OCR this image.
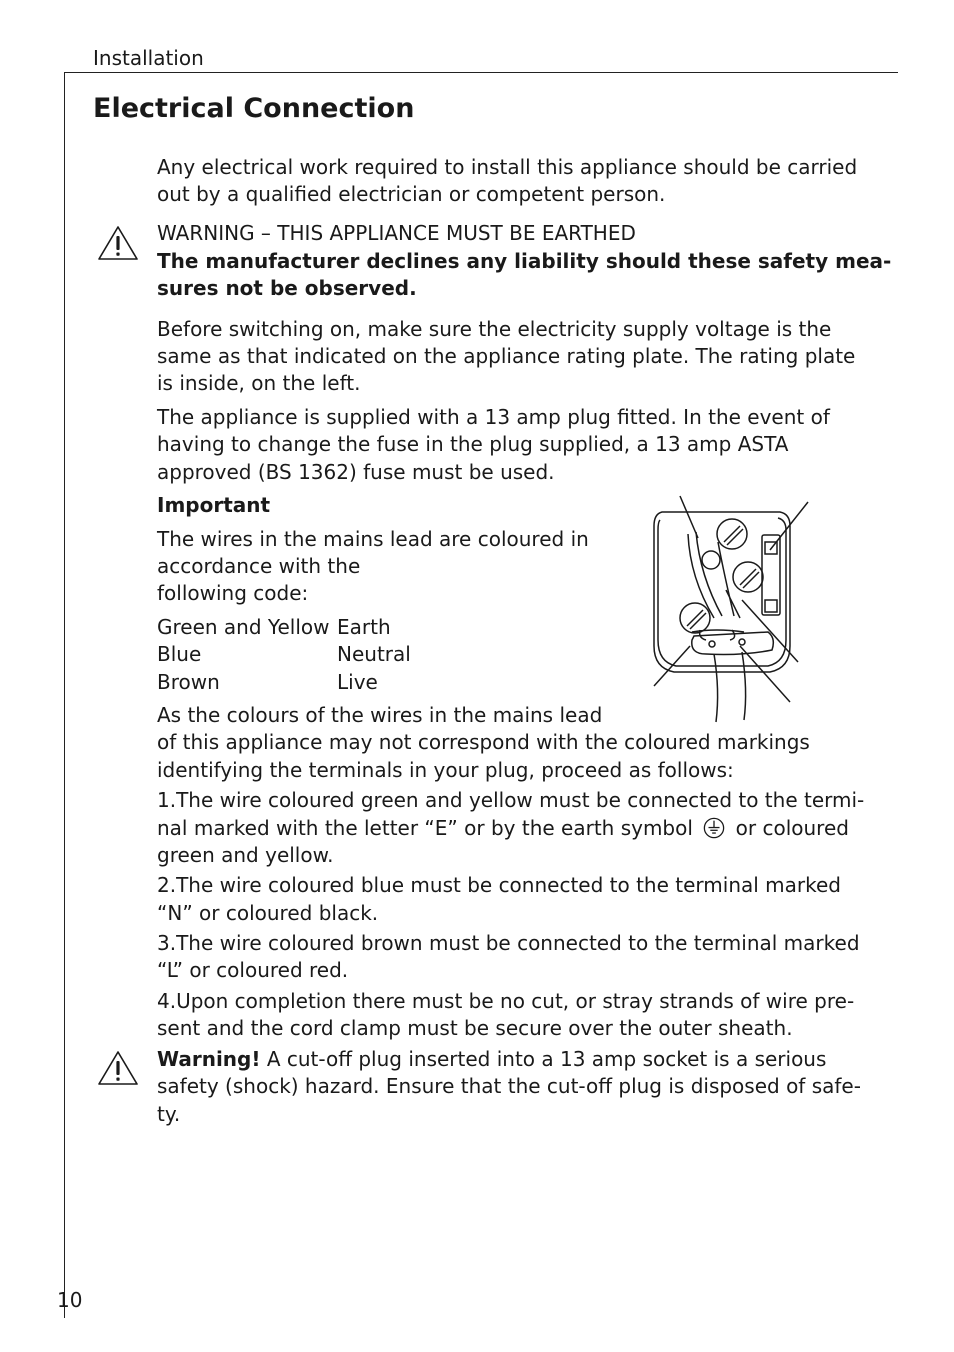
Installation
Electrical Connection
Any electrical work required to install this appliance should be carried
out by a qualified electrician or competent person.
WARNING – THIS APPLIANCE MUST BE EARTHED
The manufacturer declines any liability should these safety mea-
sures not be observed.
Before switching on, make sure the electricity supply voltage is the
same as that indicated on the appliance rating plate. The rating plate
is inside, on the left.
The appliance is supplied with a 13 amp plug fitted. In the event of
having to change the fuse in the plug supplied, a 13 amp ASTA
approved (BS 1362) fuse must be used.
Important
The wires in the mains lead are coloured in
accordance with the
following code:
Green and Yellow Earth
Blue	Neutral
Brown	Live
As the colours of the wires in the mains lead
of this appliance may not correspond with the coloured markings
identifying the terminals in your plug, proceed as follows:
1.The wire coloured green and yellow must be connected to the termi-
nal marked with the letter “E” or by the earth symbol or coloured
green and yellow.
2.The wire coloured blue must be connected to the terminal marked
“N” or coloured black.
3.The wire coloured brown must be connected to the terminal marked
“L” or coloured red.
4.Upon completion there must be no cut, or stray strands of wire pre-
sent and the cord clamp must be secure over the outer sheath.
Warning! A cut-off plug inserted into a 13 amp socket is a serious
safety (shock) hazard. Ensure that the cut-off plug is disposed of safe-
ty.
10
